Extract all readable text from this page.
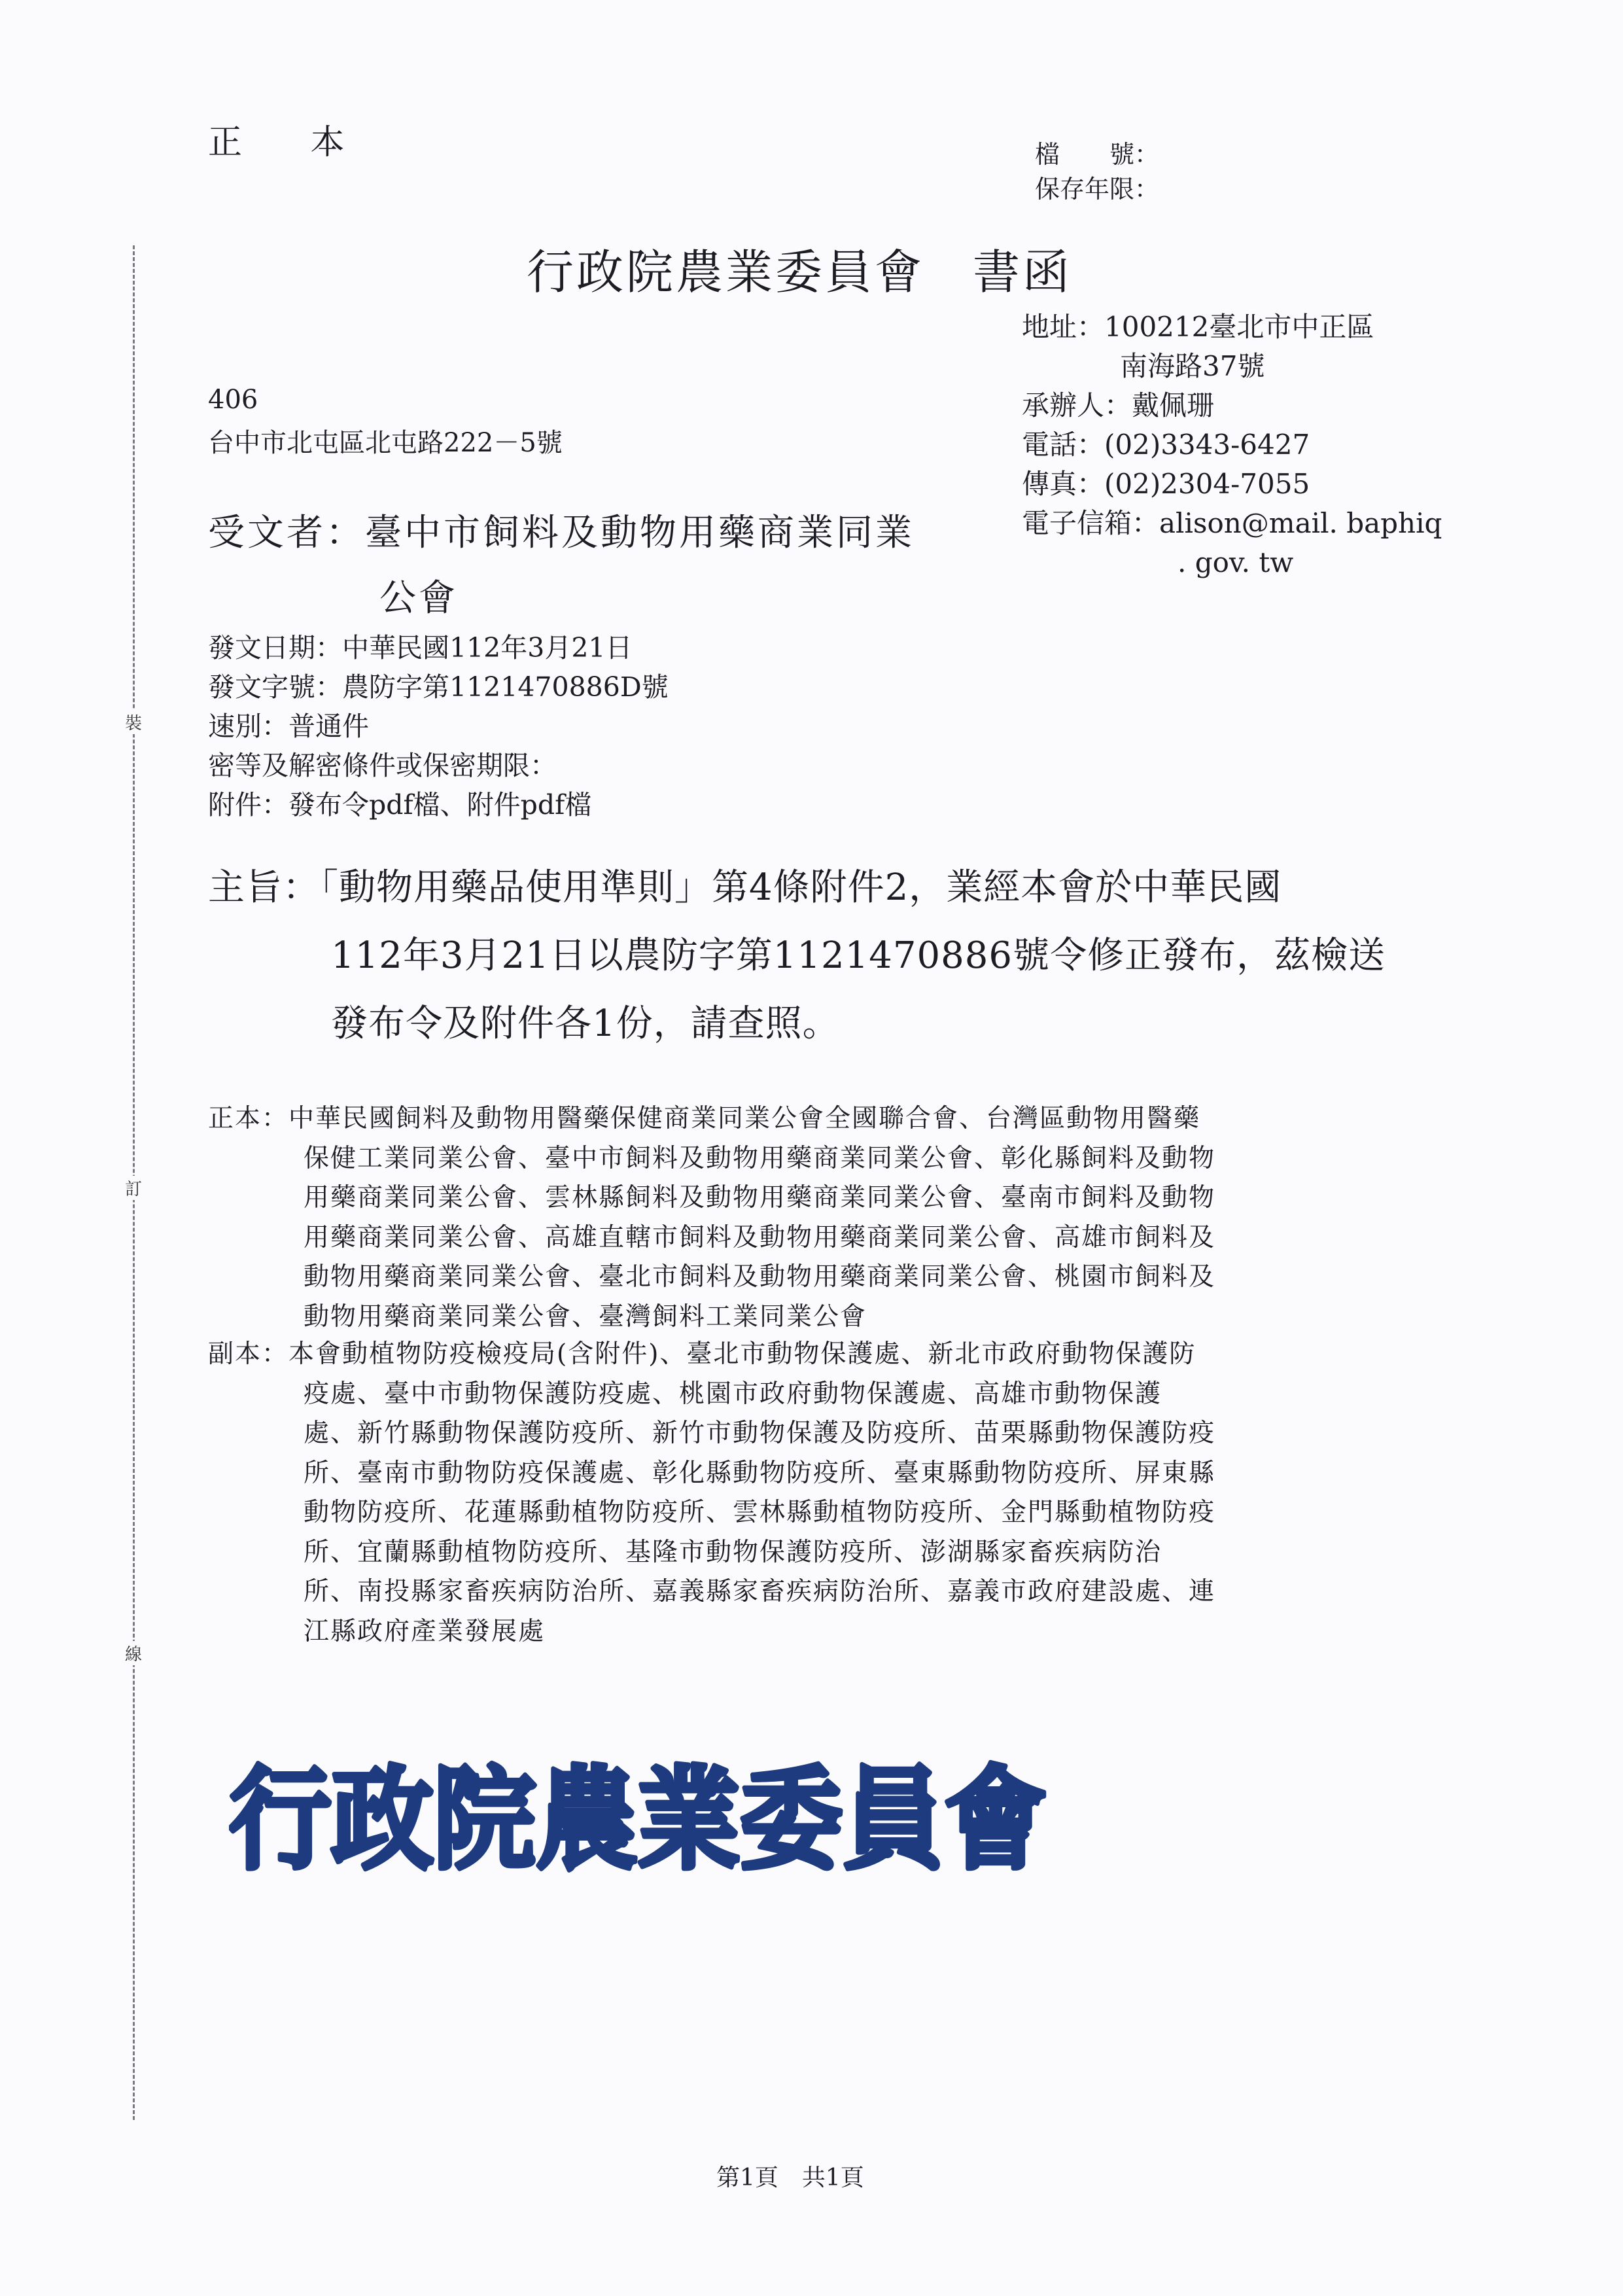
裝
訂
線
正 本	檔　　號：
保存年限：
行政院農業委員會 書函
地址：100212臺北市中正區
南海路37號
承辦人：戴佩珊
電話：(02)3343-6427
傳真：(02)2304-7055
電子信箱：alison@mail. baphiq
. gov. tw
406
台中市北屯區北屯路222－5號
受文者：臺中市飼料及動物用藥商業同業
公會
發文日期：中華民國112年3月21日
發文字號：農防字第1121470886D號
速別：普通件
密等及解密條件或保密期限：
附件：發布令pdf檔、附件pdf檔
主旨：「動物用藥品使用準則」第4條附件2，業經本會於中華民國
112年3月21日以農防字第1121470886號令修正發布，茲檢送
發布令及附件各1份，請查照。
正本：中華民國飼料及動物用醫藥保健商業同業公會全國聯合會、台灣區動物用醫藥
保健工業同業公會、臺中市飼料及動物用藥商業同業公會、彰化縣飼料及動物
用藥商業同業公會、雲林縣飼料及動物用藥商業同業公會、臺南市飼料及動物
用藥商業同業公會、高雄直轄市飼料及動物用藥商業同業公會、高雄市飼料及
動物用藥商業同業公會、臺北市飼料及動物用藥商業同業公會、桃園市飼料及
動物用藥商業同業公會、臺灣飼料工業同業公會
副本：本會動植物防疫檢疫局(含附件)、臺北市動物保護處、新北市政府動物保護防
疫處、臺中市動物保護防疫處、桃園市政府動物保護處、高雄市動物保護
處、新竹縣動物保護防疫所、新竹市動物保護及防疫所、苗栗縣動物保護防疫
所、臺南市動物防疫保護處、彰化縣動物防疫所、臺東縣動物防疫所、屏東縣
動物防疫所、花蓮縣動植物防疫所、雲林縣動植物防疫所、金門縣動植物防疫
所、宜蘭縣動植物防疫所、基隆市動物保護防疫所、澎湖縣家畜疾病防治
所、南投縣家畜疾病防治所、嘉義縣家畜疾病防治所、嘉義市政府建設處、連
江縣政府產業發展處
行政院農業委員會
第1頁　共1頁
